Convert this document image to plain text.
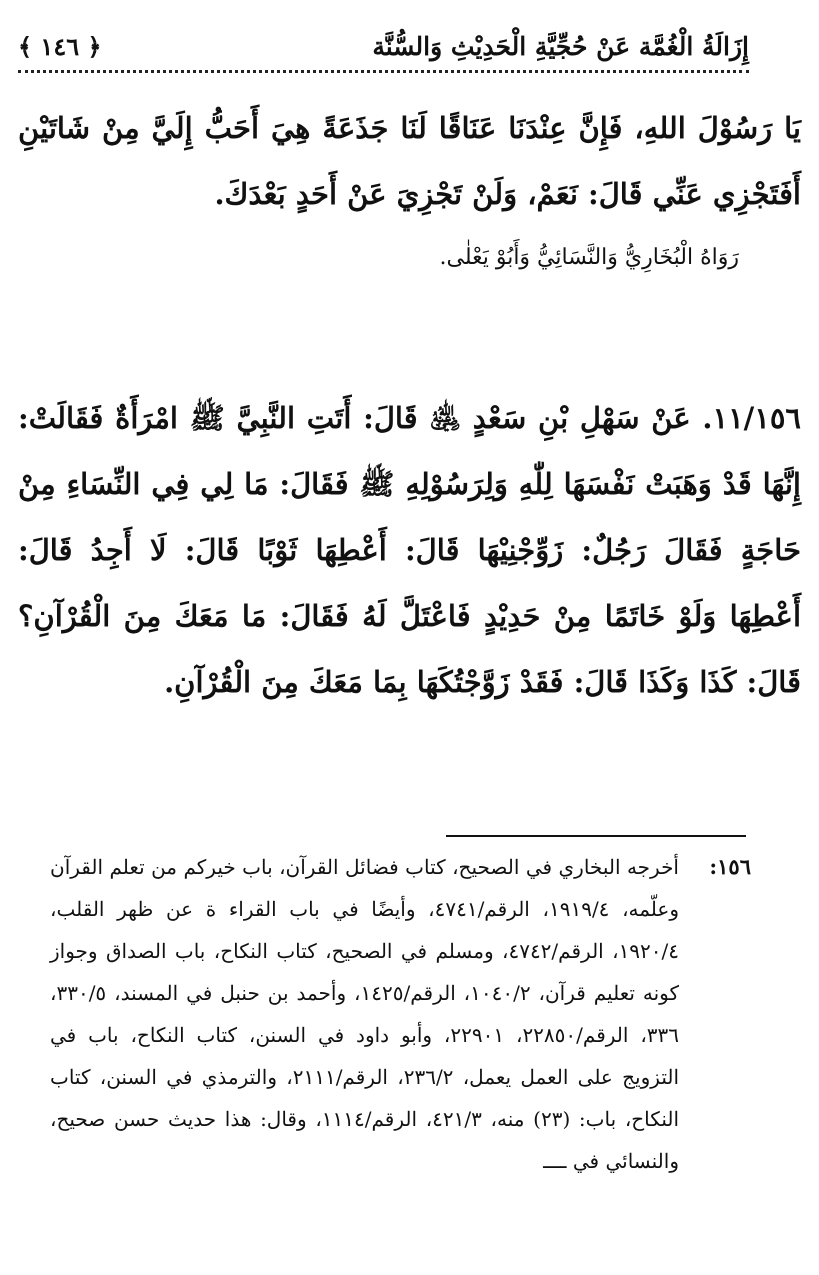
إِزَالَةُ الْغُمَّة عَنْ حُجِّيَّةِ الْحَدِيْثِ وَالسُّنَّة
﴿ ١٤٦ ﴾
يَا رَسُوْلَ اللهِ، فَإِنَّ عِنْدَنَا عَنَاقًا لَنَا جَذَعَةً هِيَ أَحَبُّ إِلَيَّ مِنْ شَاتَيْنِ أَفَتَجْزِي عَنِّي قَالَ: نَعَمْ، وَلَنْ تَجْزِيَ عَنْ أَحَدٍ بَعْدَكَ.
رَوَاهُ الْبُخَارِيُّ وَالنَّسَائِيُّ وَأَبُوْ يَعْلٰى.
١١/١٥٦. عَنْ سَهْلِ بْنِ سَعْدٍ ﵁ قَالَ: أَتَتِ النَّبِيَّ ﷺ امْرَأَةٌ فَقَالَتْ: إِنَّهَا قَدْ وَهَبَتْ نَفْسَهَا لِلّٰهِ وَلِرَسُوْلِهِ ﷺ فَقَالَ: مَا لِي فِي النِّسَاءِ مِنْ حَاجَةٍ فَقَالَ رَجُلٌ: زَوِّجْنِيْهَا قَالَ: أَعْطِهَا ثَوْبًا قَالَ: لَا أَجِدُ قَالَ: أَعْطِهَا وَلَوْ خَاتَمًا مِنْ حَدِيْدٍ فَاعْتَلَّ لَهُ فَقَالَ: مَا مَعَكَ مِنَ الْقُرْآنِ؟ قَالَ: كَذَا وَكَذَا قَالَ: فَقَدْ زَوَّجْتُكَهَا بِمَا مَعَكَ مِنَ الْقُرْآنِ.
١٥٦:
أخرجه البخاري في الصحيح، كتاب فضائل القرآن، باب خيركم من تعلم القرآن وعلّمه، ١٩١٩/٤، الرقم/٤٧٤١، وأيضًا في باب القراء ة عن ظهر القلب، ١٩٢٠/٤، الرقم/٤٧٤٢، ومسلم في الصحيح، كتاب النكاح، باب الصداق وجواز كونه تعليم قرآن، ١٠٤٠/٢، الرقم/١٤٢٥، وأحمد بن حنبل في المسند، ٣٣٠/٥، ٣٣٦، الرقم/٢٢٨٥٠، ٢٢٩٠١، وأبو داود في السنن، كتاب النكاح، باب في التزويج على العمل يعمل، ٢٣٦/٢، الرقم/٢١١١، والترمذي في السنن، كتاب النكاح، باب: (٢٣) منه، ٤٢١/٣، الرقم/١١١٤، وقال: هذا حديث حسن صحيح، والنسائي في ــــ
